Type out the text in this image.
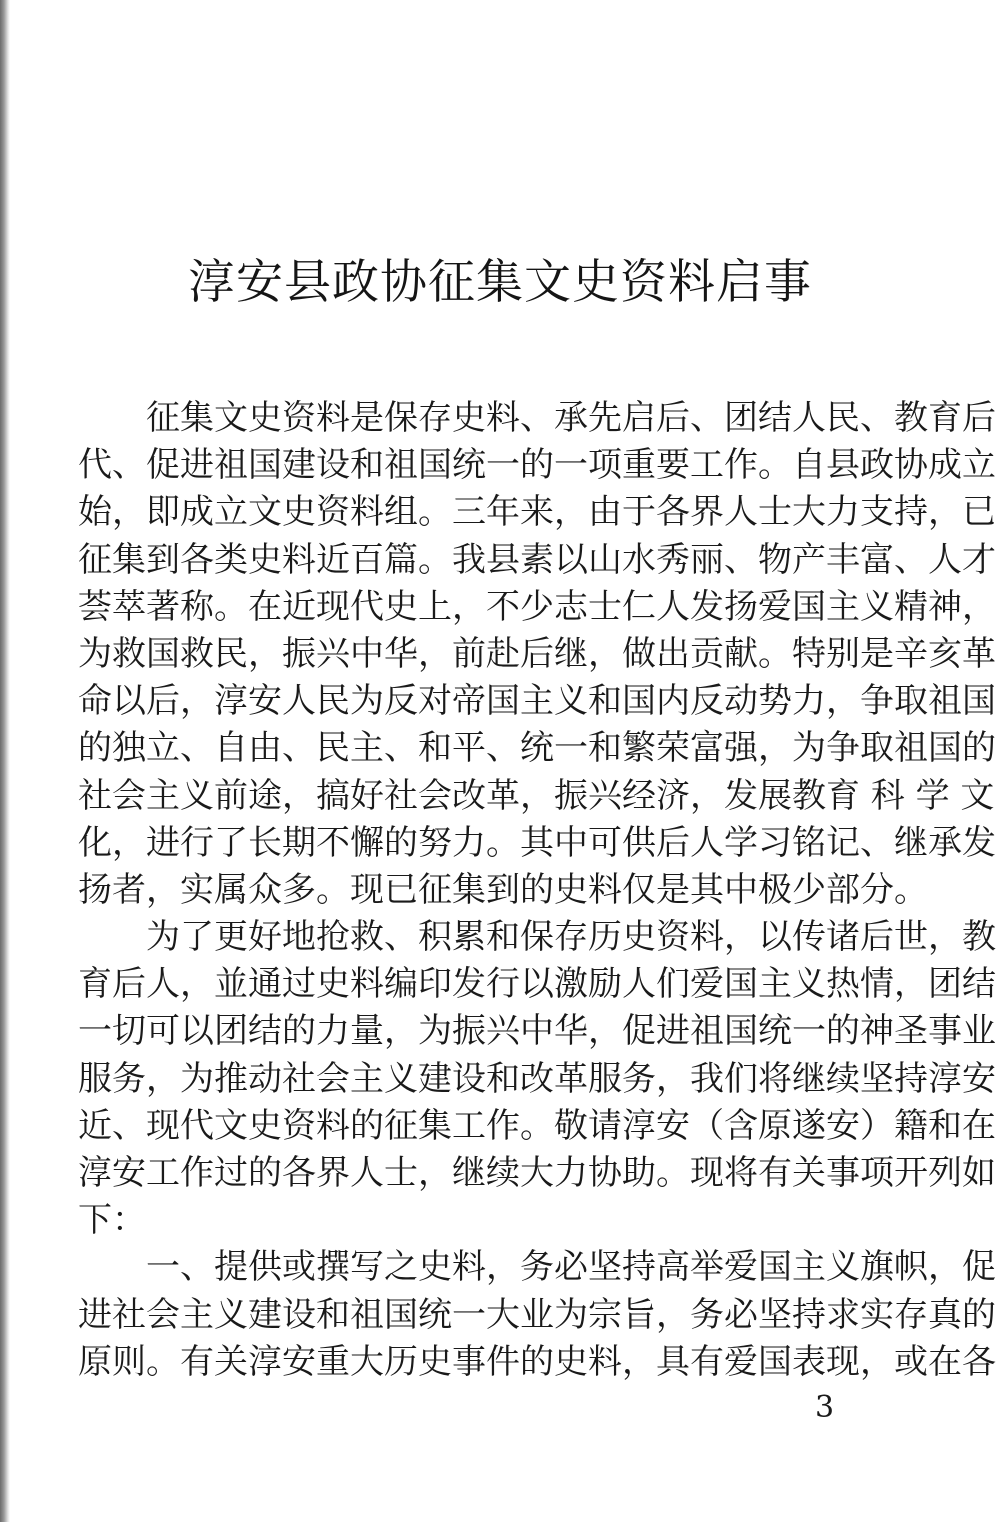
淳安县政协征集文史资料启事

征集文史资料是保存史料、承先启后、团结人民、教育后
代、促进祖国建设和祖国统一的一项重要工作。自县政协成立
始，即成立文史资料组。三年来，由于各界人士大力支持，已
征集到各类史料近百篇。我县素以山水秀丽、物产丰富、人才
荟萃著称。在近现代史上，不少志士仁人发扬爱国主义精神，
为救国救民，振兴中华，前赴后继，做出贡献。特别是辛亥革
命以后，淳安人民为反对帝国主义和国内反动势力，争取祖国
的独立、自由、民主、和平、统一和繁荣富强，为争取祖国的
社会主义前途，搞好社会改革，振兴经济，发展教育 科 学 文
化，进行了长期不懈的努力。其中可供后人学习铭记、继承发
扬者，实属众多。现已征集到的史料仅是其中极少部分。

为了更好地抢救、积累和保存历史资料，以传诸后世，教
育后人，並通过史料编印发行以激励人们爱国主义热情，团结
一切可以团结的力量，为振兴中华，促进祖国统一的神圣事业
服务，为推动社会主义建设和改革服务，我们将继续坚持淳安
近、现代文史资料的征集工作。敬请淳安（含原遂安）籍和在
淳安工作过的各界人士，继续大力协助。现将有关事项开列如
下：

一、提供或撰写之史料，务必坚持高举爱国主义旗帜，促
进社会主义建设和祖国统一大业为宗旨，务必坚持求实存真的
原则。有关淳安重大历史事件的史料，具有爱国表现，或在各

3
